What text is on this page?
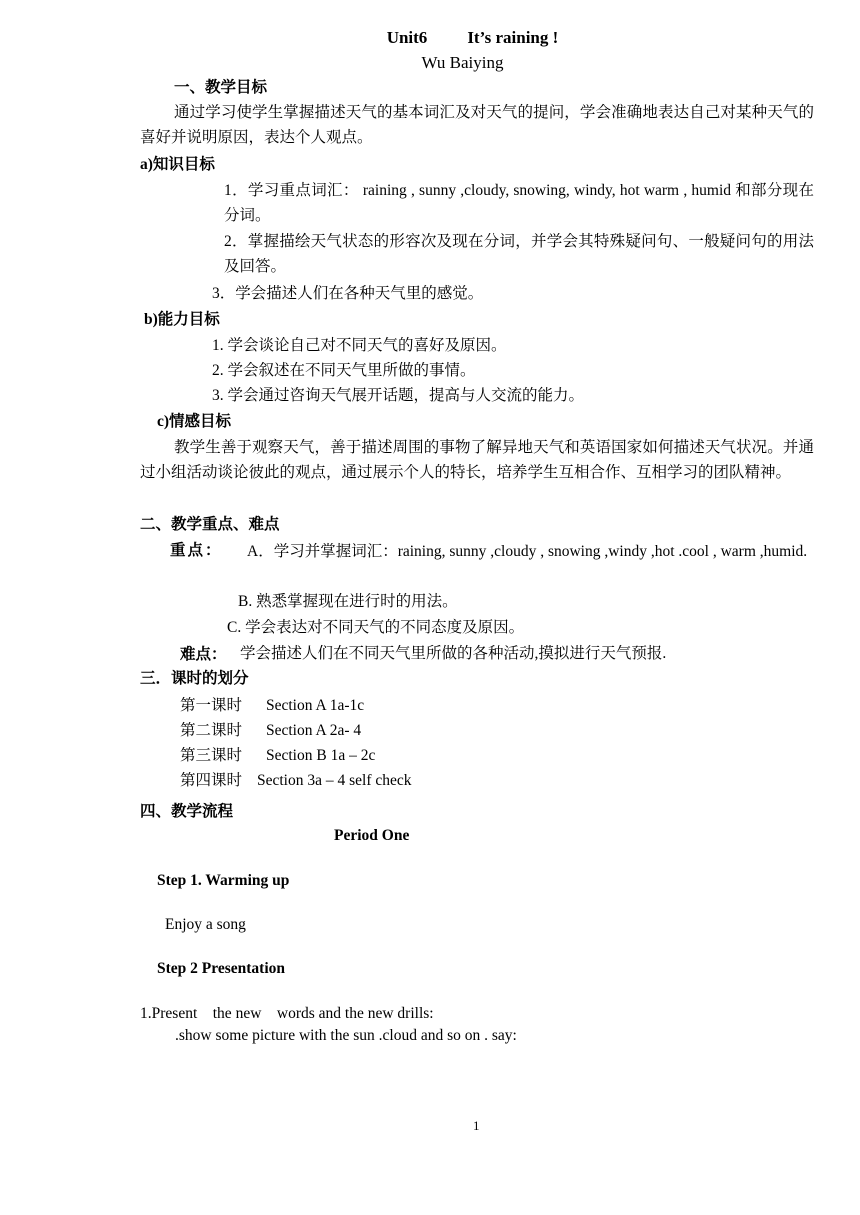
Unit6 It’s raining !
Wu Baiying
一、教学目标
通过学习使学生掌握描述天气的基本词汇及对天气的提问，学会准确地表达自己对某种天气的喜好并说明原因，表达个人观点。
a)知识目标
1．学习重点词汇： raining , sunny ,cloudy, snowing, windy, hot warm , humid 和部分现在分词。
2．掌握描绘天气状态的形容次及现在分词，并学会其特殊疑问句、一般疑问句的用法及回答。
3．学会描述人们在各种天气里的感觉。
b)能力目标
1. 学会谈论自己对不同天气的喜好及原因。
2. 学会叙述在不同天气里所做的事情。
3. 学会通过咨询天气展开话题，提高与人交流的能力。
c)情感目标
教学生善于观察天气，善于描述周围的事物了解异地天气和英语国家如何描述天气状况。并通过小组活动谈论彼此的观点，通过展示个人的特长，培养学生互相合作、互相学习的团队精神。
二、教学重点、难点
重点： A．学习并掌握词汇：raining, sunny ,cloudy , snowing ,windy ,hot .cool , warm ,humid.
B. 熟悉掌握现在进行时的用法。
C. 学会表达对不同天气的不同态度及原因。
难点： 学会描述人们在不同天气里所做的各种活动,摸拟进行天气预报.
三．课时的划分
第一课时 Section A 1a-1c
第二课时 Section A 2a- 4
第三课时 Section B 1a – 2c
第四课时 Section 3a – 4 self check
四、教学流程
Period One
Step 1. Warming up
Enjoy a song
Step 2 Presentation
1.Present    the new    words and the new drills:
.show some picture with the sun .cloud and so on . say:
1
